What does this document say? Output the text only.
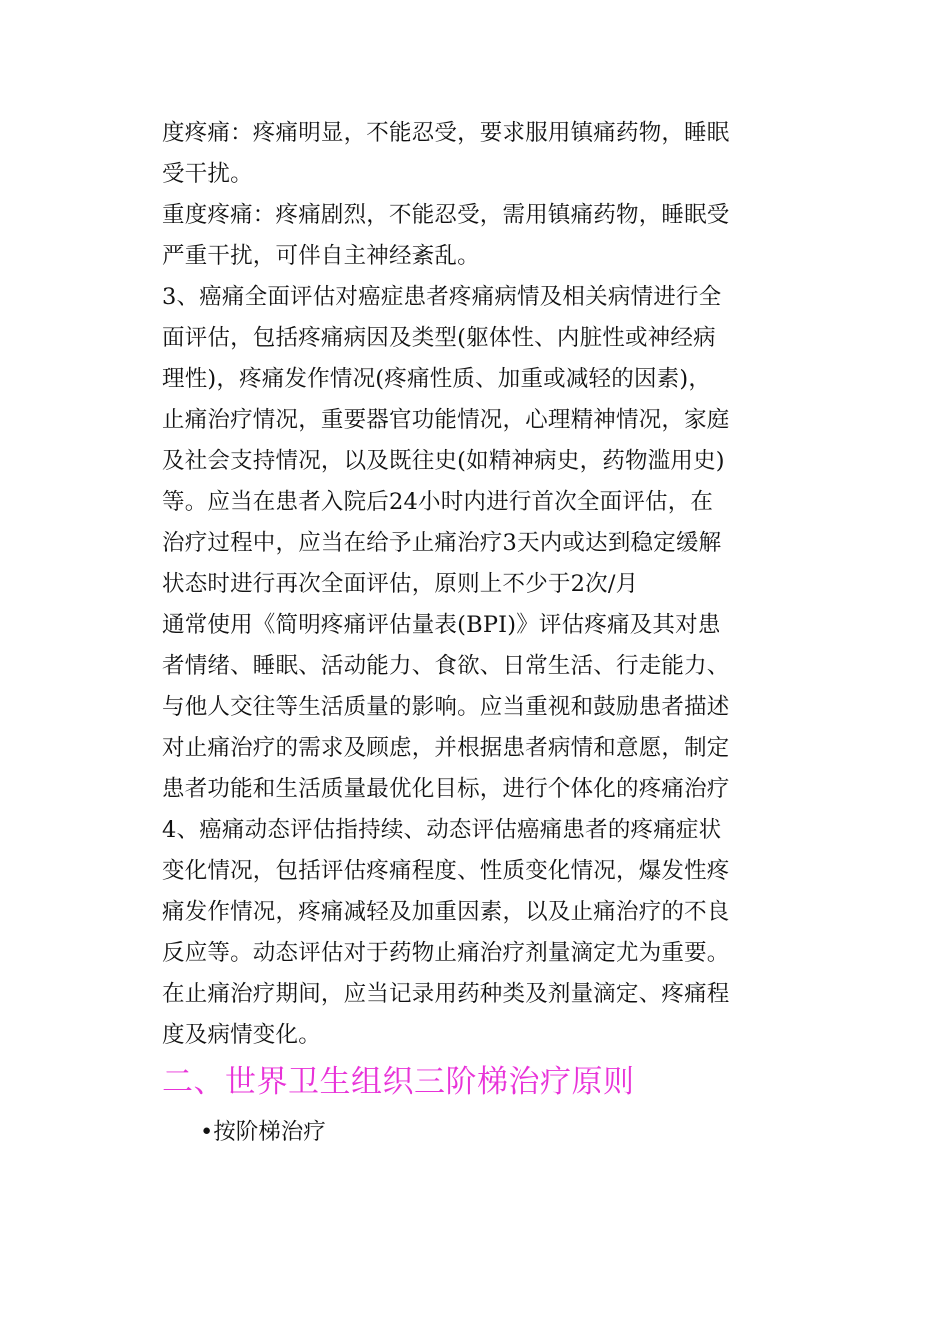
度疼痛：疼痛明显，不能忍受，要求服用镇痛药物，睡眠
受干扰。
重度疼痛：疼痛剧烈，不能忍受，需用镇痛药物，睡眠受
严重干扰，可伴自主神经紊乱。
3、癌痛全面评估对癌症患者疼痛病情及相关病情进行全
面评估，包括疼痛病因及类型(躯体性、内脏性或神经病
理性)，疼痛发作情况(疼痛性质、加重或减轻的因素)，
止痛治疗情况，重要器官功能情况，心理精神情况，家庭
及社会支持情况，以及既往史(如精神病史，药物滥用史)
等。应当在患者入院后24小时内进行首次全面评估，在
治疗过程中，应当在给予止痛治疗3天内或达到稳定缓解
状态时进行再次全面评估，原则上不少于2次/月
通常使用《简明疼痛评估量表(BPI)》评估疼痛及其对患
者情绪、睡眠、活动能力、食欲、日常生活、行走能力、
与他人交往等生活质量的影响。应当重视和鼓励患者描述
对止痛治疗的需求及顾虑，并根据患者病情和意愿，制定
患者功能和生活质量最优化目标，进行个体化的疼痛治疗
4、癌痛动态评估指持续、动态评估癌痛患者的疼痛症状
变化情况，包括评估疼痛程度、性质变化情况，爆发性疼
痛发作情况，疼痛减轻及加重因素，以及止痛治疗的不良
反应等。动态评估对于药物止痛治疗剂量滴定尤为重要。
在止痛治疗期间，应当记录用药种类及剂量滴定、疼痛程
度及病情变化。
二、世界卫生组织三阶梯治疗原则
•按阶梯治疗
